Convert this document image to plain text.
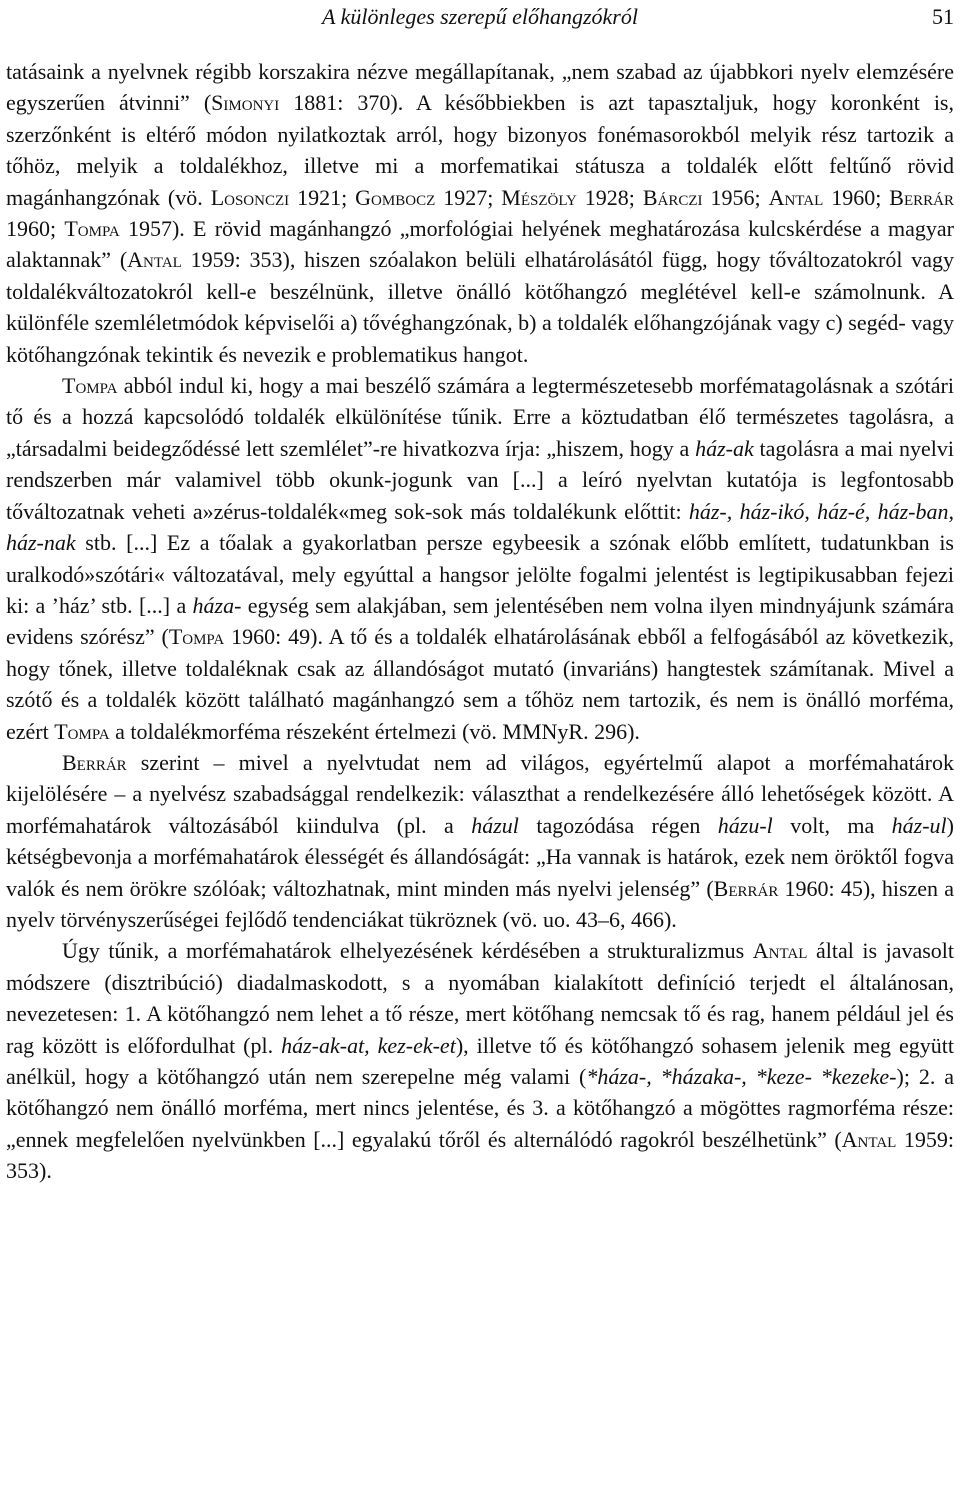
A különleges szerepű előhangzókról	51

tatásaink a nyelvnek régibb korszakira nézve megállapítanak, „nem szabad az újabbkori nyelv elemzésére egyszerűen átvinni” (Simonyi 1881: 370). A későbbiekben is azt tapasztaljuk, hogy koronként is, szerzőnként is eltérő módon nyilatkoztak arról, hogy bizonyos fonémasorokból melyik rész tartozik a tőhöz, melyik a toldalékhoz, illetve mi a morfematikai státusza a toldalék előtt feltűnő rövid magánhangzónak (vö. Losonczi 1921; Gombocz 1927; Mészöly 1928; Bárczi 1956; Antal 1960; Berrár 1960; Tompa 1957). E rövid magánhangzó „morfológiai helyének meghatározása kulcskérdése a magyar alaktannak” (Antal 1959: 353), hiszen szóalakon belüli elhatárolásától függ, hogy tőváltozatokról vagy toldalékváltozatokról kell-e beszélnünk, illetve önálló kötőhangzó meglétével kell-e számolnunk. A különféle szemléletmódok képviselői a) tővéghangzónak, b) a toldalék előhangzójának vagy c) segéd- vagy kötőhangzónak tekintik és nevezik e problematikus hangot.

Tompa abból indul ki, hogy a mai beszélő számára a legtermészetesebb morfématagolásnak a szótári tő és a hozzá kapcsolódó toldalék elkülönítése tűnik. Erre a köztudatban élő természetes tagolásra, a „társadalmi beidegződéssé lett szemlélet”-re hivatkozva írja: „hiszem, hogy a ház-ak tagolásra a mai nyelvi rendszerben már valamivel több okunk-jogunk van [...] a leíró nyelvtan kutatója is legfontosabb tőváltozatnak veheti a»zérus-toldalék«meg sok-sok más toldalékunk előttit: ház-, ház-ikó, ház-é, ház-ban, ház-nak stb. [...] Ez a tőalak a gyakorlatban persze egybeesik a szónak előbb említett, tudatunkban is uralkodó»szótári« változatával, mely egyúttal a hangsor jelölte fogalmi jelentést is legtipikusabban fejezi ki: a ’ház’ stb. [...] a háza- egység sem alakjában, sem jelentésében nem volna ilyen mindnyájunk számára evidens szórész” (Tompa 1960: 49). A tő és a toldalék elhatárolásának ebből a felfogásából az következik, hogy tőnek, illetve toldaléknak csak az állandóságot mutató (invariáns) hangtestek számítanak. Mivel a szótő és a toldalék között található magánhangzó sem a tőhöz nem tartozik, és nem is önálló morféma, ezért Tompa a toldalékmorféma részeként értelmezi (vö. MMNyR. 296).

Berrár szerint – mivel a nyelvtudat nem ad világos, egyértelmű alapot a morfémahatárok kijelölésére – a nyelvész szabadsággal rendelkezik: választhat a rendelkezésére álló lehetőségek között. A morfémahatárok változásából kiindulva (pl. a házul tagozódása régen házu-l volt, ma ház-ul) kétségbevonja a morfémahatárok élességét és állandóságát: „Ha vannak is határok, ezek nem öröktől fogva valók és nem örökre szólóak; változhatnak, mint minden más nyelvi jelenség” (Berrár 1960: 45), hiszen a nyelv törvényszerűségei fejlődő tendenciákat tükröznek (vö. uo. 43–6, 466).

Úgy tűnik, a morfémahatárok elhelyezésének kérdésében a strukturalizmus Antal által is javasolt módszere (disztribúció) diadalmaskodott, s a nyomában kialakított definíció terjedt el általánosan, nevezetesen: 1. A kötőhangzó nem lehet a tő része, mert kötőhang nemcsak tő és rag, hanem például jel és rag között is előfordulhat (pl. ház-ak-at, kez-ek-et), illetve tő és kötőhangzó sohasem jelenik meg együtt anélkül, hogy a kötőhangzó után nem szerepelne még valami (*háza-, *házaka-, *keze- *kezeke-); 2. a kötőhangzó nem önálló morféma, mert nincs jelentése, és 3. a kötőhangzó a mögöttes ragmorféma része: „ennek megfelelően nyelvünkben [...] egyalakú tőről és alternálódó ragokról beszélhetünk” (Antal 1959: 353).
